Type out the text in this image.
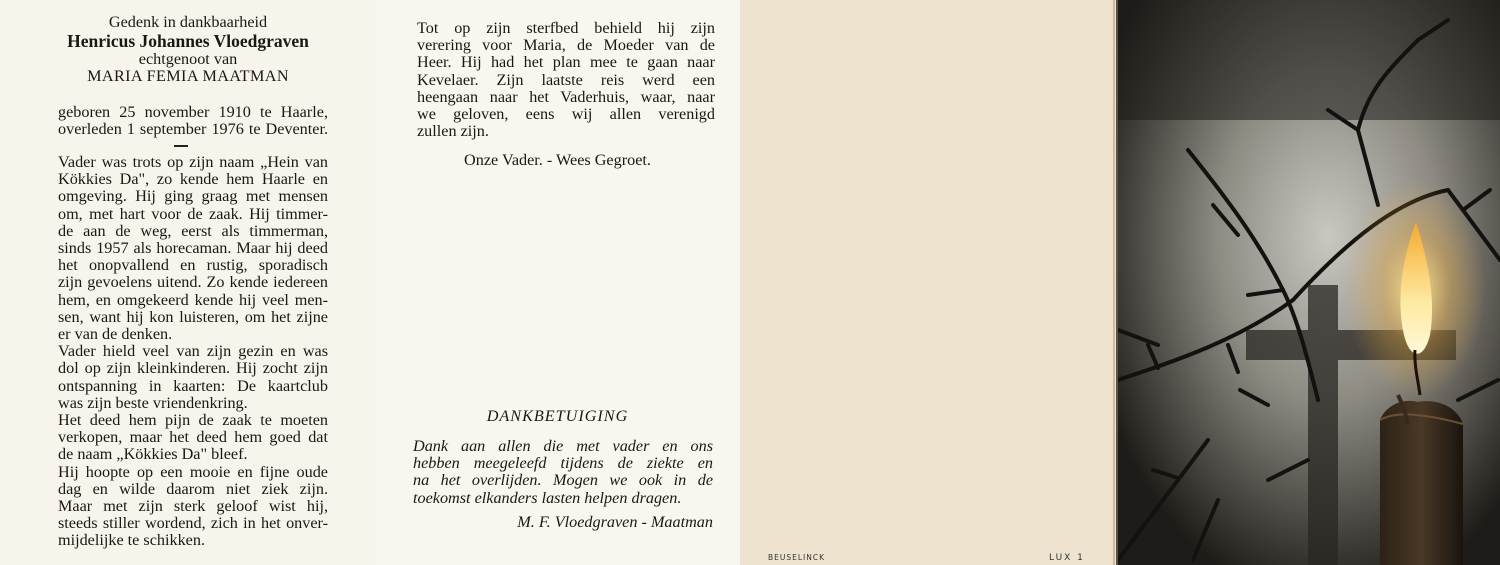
Gedenk in dankbaarheid
Henricus Johannes Vloedgraven
echtgenoot van
MARIA FEMIA MAATMAN
geboren 25 november 1910 te Haarle,
overleden 1 september 1976 te Deventer.
Vader was trots op zijn naam „Hein van
Kökkies Da", zo kende hem Haarle en
omgeving. Hij ging graag met mensen
om, met hart voor de zaak. Hij timmer-
de aan de weg, eerst als timmerman,
sinds 1957 als horecaman. Maar hij deed
het onopvallend en rustig, sporadisch
zijn gevoelens uitend. Zo kende iedereen
hem, en omgekeerd kende hij veel men-
sen, want hij kon luisteren, om het zijne
er van de denken.
Vader hield veel van zijn gezin en was
dol op zijn kleinkinderen. Hij zocht zijn
ontspanning in kaarten: De kaartclub
was zijn beste vriendenkring.
Het deed hem pijn de zaak te moeten
verkopen, maar het deed hem goed dat
de naam „Kökkies Da" bleef.
Hij hoopte op een mooie en fijne oude
dag en wilde daarom niet ziek zijn.
Maar met zijn sterk geloof wist hij,
steeds stiller wordend, zich in het onver-
mijdelijke te schikken.
Tot op zijn sterfbed behield hij zijn
verering voor Maria, de Moeder van de
Heer. Hij had het plan mee te gaan naar
Kevelaer. Zijn laatste reis werd een
heengaan naar het Vaderhuis, waar, naar
we geloven, eens wij allen verenigd
zullen zijn.
Onze Vader. - Wees Gegroet.
DANKBETUIGING
Dank aan allen die met vader en ons
hebben meegeleefd tijdens de ziekte en
na het overlijden. Mogen we ook in de
toekomst elkanders lasten helpen dragen.
M. F. Vloedgraven - Maatman
BEUSELINCK	LUX 1
